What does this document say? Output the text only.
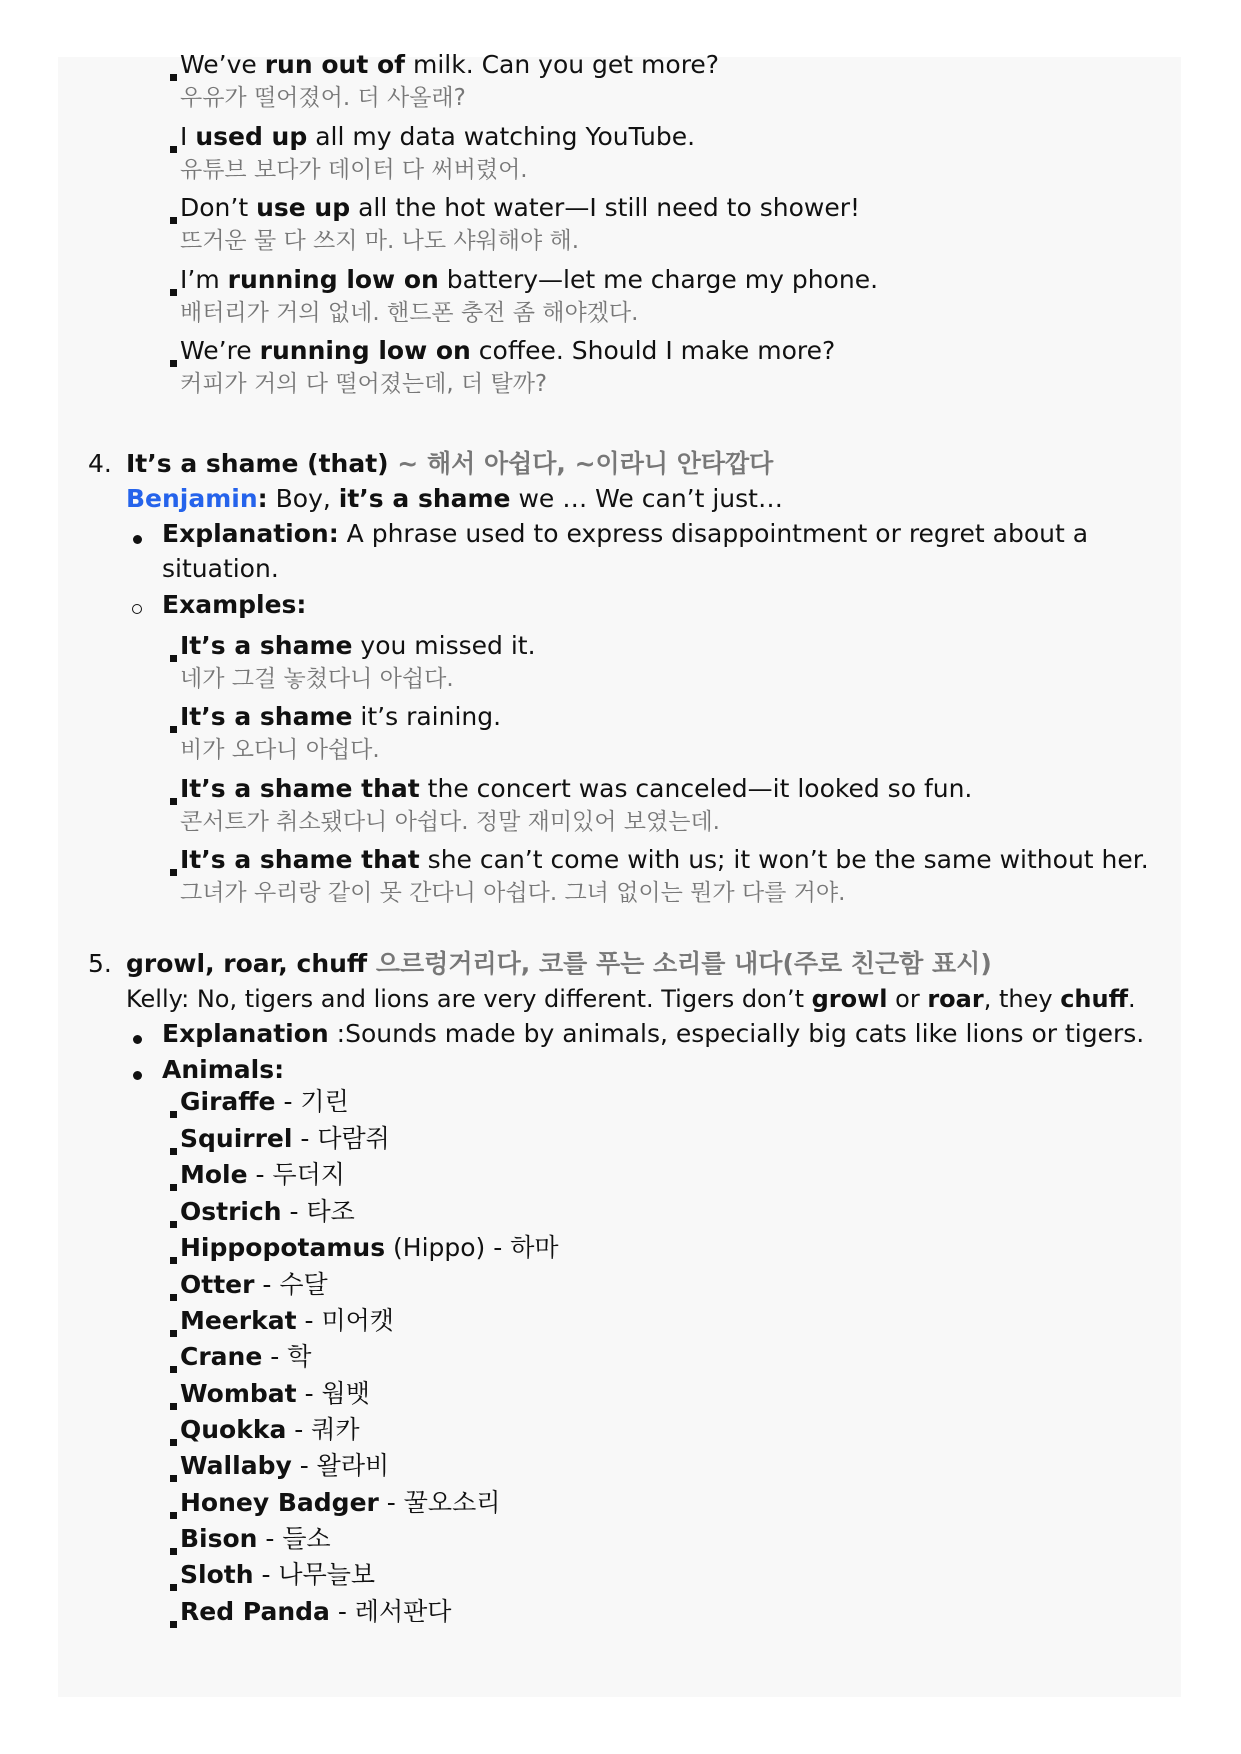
We’ve run out of milk. Can you get more?
우유가 떨어졌어. 더 사올래?
I used up all my data watching YouTube.
유튜브 보다가 데이터 다 써버렸어.
Don’t use up all the hot water—I still need to shower!
뜨거운 물 다 쓰지 마. 나도 샤워해야 해.
I’m running low on battery—let me charge my phone.
배터리가 거의 없네. 핸드폰 충전 좀 해야겠다.
We’re running low on coffee. Should I make more?
커피가 거의 다 떨어졌는데, 더 탈까?
4. It’s a shame (that) ~ 해서 아쉽다, ~이라니 안타깝다
Benjamin: Boy, it’s a shame we … We can’t just…
Explanation: A phrase used to express disappointment or regret about a
situation.
Examples:
It’s a shame you missed it.
네가 그걸 놓쳤다니 아쉽다.
It’s a shame it’s raining.
비가 오다니 아쉽다.
It’s a shame that the concert was canceled—it looked so fun.
콘서트가 취소됐다니 아쉽다. 정말 재미있어 보였는데.
It’s a shame that she can’t come with us; it won’t be the same without her.
그녀가 우리랑 같이 못 간다니 아쉽다. 그녀 없이는 뭔가 다를 거야.
5. growl, roar, chuff 으르렁거리다, 코를 푸는 소리를 내다(주로 친근함 표시)
Kelly: No, tigers and lions are very different. Tigers don’t growl or roar, they chuff.
Explanation :Sounds made by animals, especially big cats like lions or tigers.
Animals:
Giraffe - 기린
Squirrel - 다람쥐
Mole - 두더지
Ostrich - 타조
Hippopotamus (Hippo) - 하마
Otter - 수달
Meerkat - 미어캣
Crane - 학
Wombat - 웜뱃
Quokka - 쿼카
Wallaby - 왈라비
Honey Badger - 꿀오소리
Bison - 들소
Sloth - 나무늘보
Red Panda - 레서판다
